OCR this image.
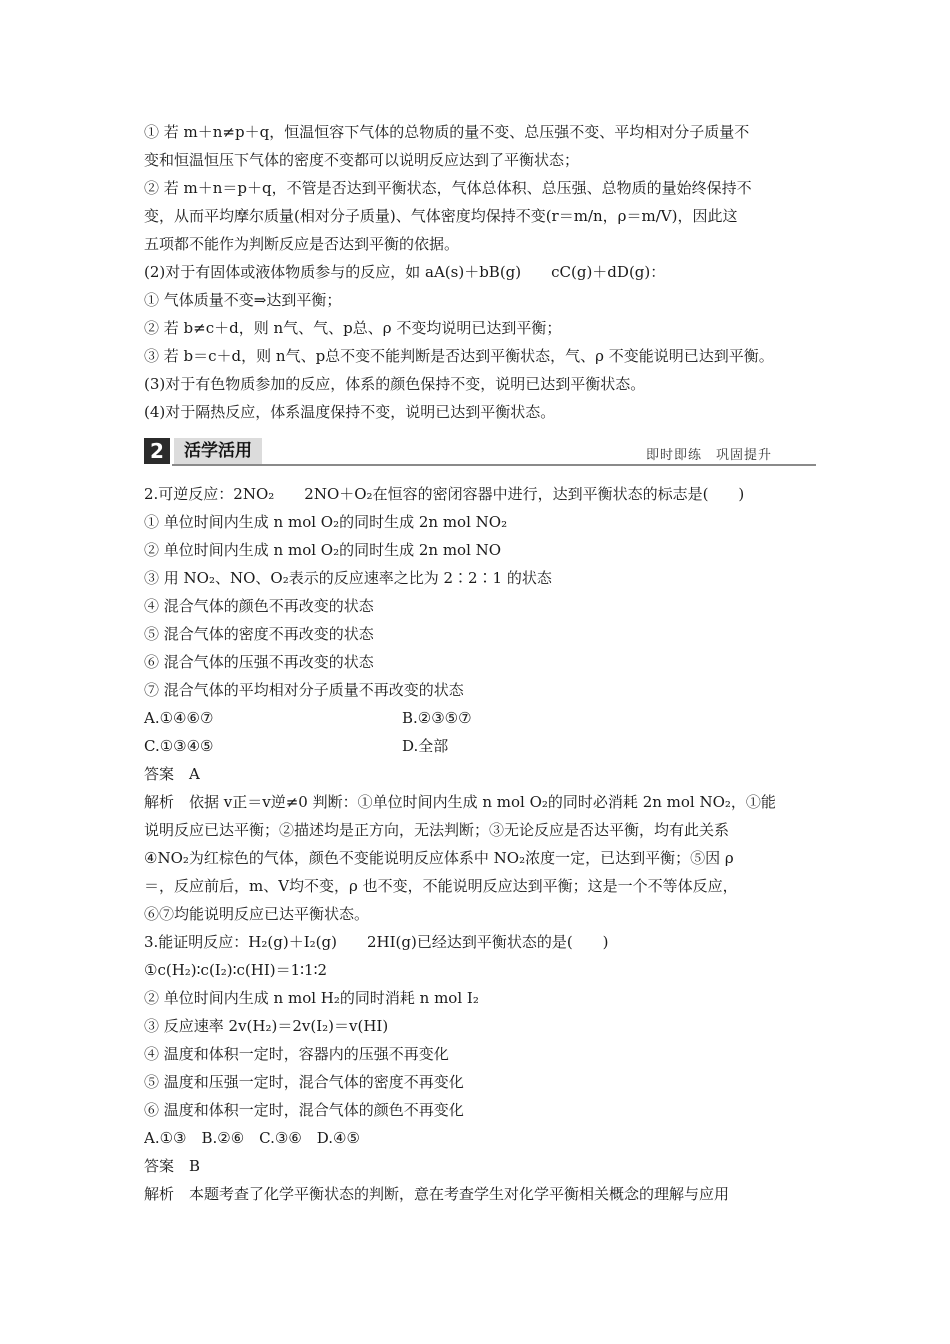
① 若 m＋n≠p＋q，恒温恒容下气体的总物质的量不变、总压强不变、平均相对分子质量不
变和恒温恒压下气体的密度不变都可以说明反应达到了平衡状态；
② 若 m＋n＝p＋q，不管是否达到平衡状态，气体总体积、总压强、总物质的量始终保持不
变，从而平均摩尔质量(相对分子质量)、气体密度均保持不变(r＝m/n，ρ＝m/V)，因此这
五项都不能作为判断反应是否达到平衡的依据。
(2)对于有固体或液体物质参与的反应，如 aA(s)＋bB(g)　　cC(g)＋dD(g)：
① 气体质量不变⇒达到平衡；
② 若 b≠c＋d，则 n气、气、p总、ρ 不变均说明已达到平衡；
③ 若 b＝c＋d，则 n气、p总不变不能判断是否达到平衡状态，气、ρ 不变能说明已达到平衡。
(3)对于有色物质参加的反应，体系的颜色保持不变，说明已达到平衡状态。
(4)对于隔热反应，体系温度保持不变，说明已达到平衡状态。
2	活学活用	即时即练　巩固提升
2.可逆反应：2NO₂　　2NO＋O₂在恒容的密闭容器中进行，达到平衡状态的标志是(　　)
① 单位时间内生成 n mol O₂的同时生成 2n mol NO₂
② 单位时间内生成 n mol O₂的同时生成 2n mol NO
③ 用 NO₂、NO、O₂表示的反应速率之比为 2∶2∶1 的状态
④ 混合气体的颜色不再改变的状态
⑤ 混合气体的密度不再改变的状态
⑥ 混合气体的压强不再改变的状态
⑦ 混合气体的平均相对分子质量不再改变的状态
A.①④⑥⑦	B.②③⑤⑦
C.①③④⑤	D.全部
答案　A
解析　依据 v正＝v逆≠0 判断：①单位时间内生成 n mol O₂的同时必消耗 2n mol NO₂，①能
说明反应已达平衡；②描述均是正方向，无法判断；③无论反应是否达平衡，均有此关系
④NO₂为红棕色的气体，颜色不变能说明反应体系中 NO₂浓度一定，已达到平衡；⑤因 ρ
＝，反应前后，m、V均不变，ρ 也不变，不能说明反应达到平衡；这是一个不等体反应，
⑥⑦均能说明反应已达平衡状态。
3.能证明反应：H₂(g)＋I₂(g)　　2HI(g)已经达到平衡状态的是(　　)
①c(H₂)∶c(I₂)∶c(HI)＝1∶1∶2
② 单位时间内生成 n mol H₂的同时消耗 n mol I₂
③ 反应速率 2v(H₂)＝2v(I₂)＝v(HI)
④ 温度和体积一定时，容器内的压强不再变化
⑤ 温度和压强一定时，混合气体的密度不再变化
⑥ 温度和体积一定时，混合气体的颜色不再变化
A.①③　B.②⑥　C.③⑥　D.④⑤
答案　B
解析　本题考查了化学平衡状态的判断，意在考查学生对化学平衡相关概念的理解与应用
